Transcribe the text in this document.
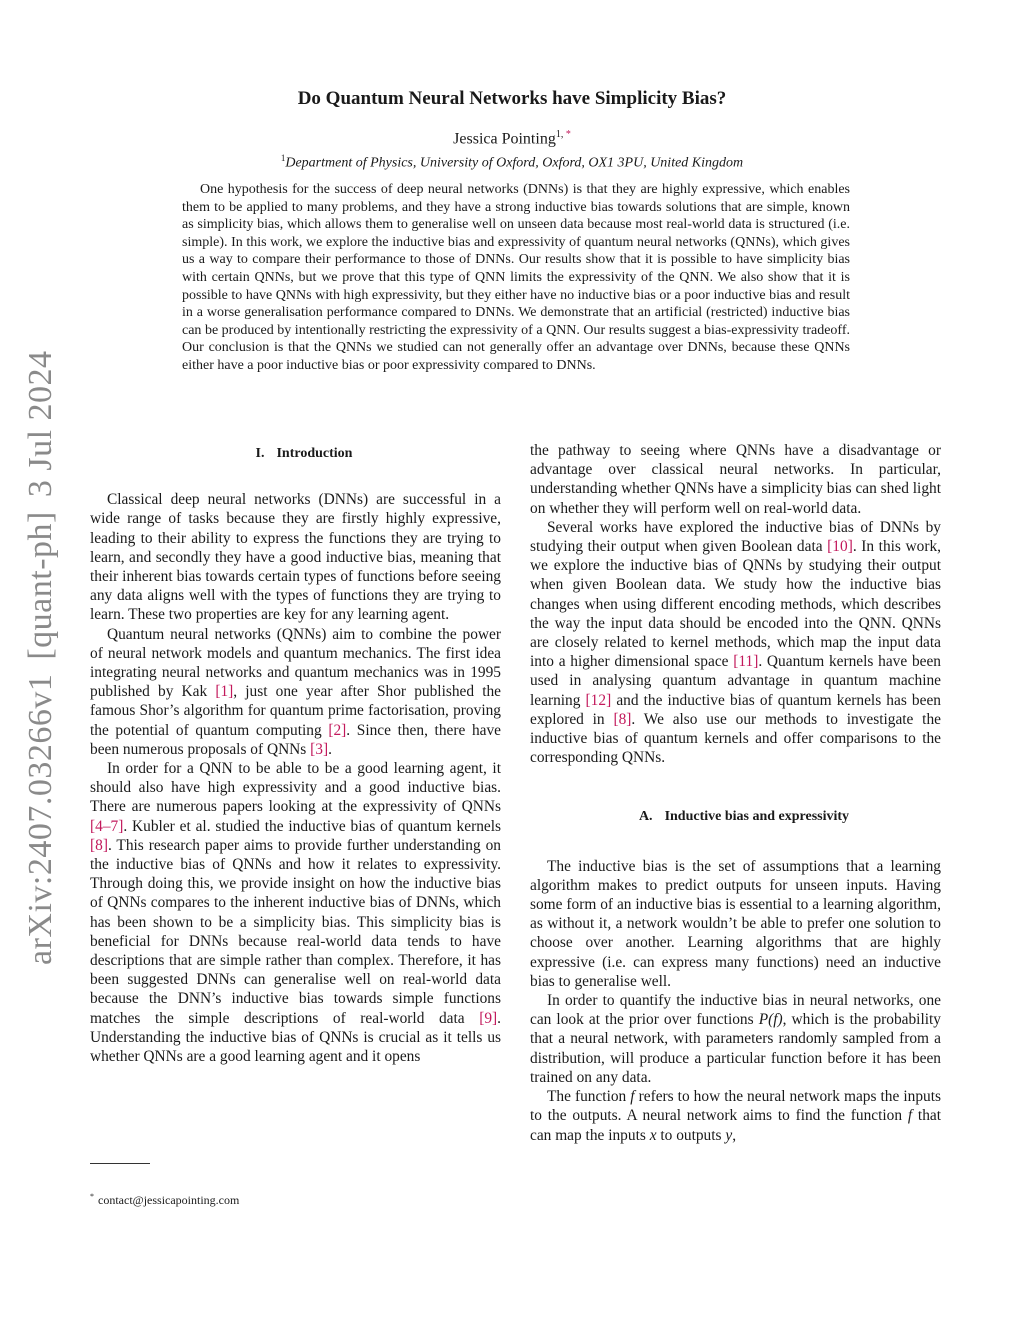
arXiv:2407.03266v1[quant-ph]3 Jul 2024
Do Quantum Neural Networks have Simplicity Bias?
Jessica Pointing$^{1, *}$
$^1$Department of Physics, University of Oxford, Oxford, OX1 3PU, United Kingdom

One hypothesis for the success of deep neural networks (DNNs) is that they are highly expressive, which enables them to be applied to many problems, and they have a strong inductive bias towards solutions that are simple, known as simplicity bias, which allows them to generalise well on unseen data because most real-world data is structured (i.e. simple). In this work, we explore the inductive bias and expressivity of quantum neural networks (QNNs), which gives us a way to compare their performance to those of DNNs. Our results show that it is possible to have simplicity bias with certain QNNs, but we prove that this type of QNN limits the expressivity of the QNN. We also show that it is possible to have QNNs with high expressivity, but they either have no inductive bias or a poor inductive bias and result in a worse generalisation performance compared to DNNs. We demonstrate that an artificial (restricted) inductive bias can be produced by intentionally restricting the expressivity of a QNN. Our results suggest a bias-expressivity tradeoff. Our conclusion is that the QNNs we studied can not generally offer an advantage over DNNs, because these QNNs either have a poor inductive bias or poor expressivity compared to DNNs.

I. Introduction

Classical deep neural networks (DNNs) are successful in a wide range of tasks because they are firstly highly expressive, leading to their ability to express the functions they are trying to learn, and secondly they have a good inductive bias, meaning that their inherent bias towards certain types of functions before seeing any data aligns well with the types of functions they are trying to learn. These two properties are key for any learning agent.

Quantum neural networks (QNNs) aim to combine the power of neural network models and quantum mechanics. The first idea integrating neural networks and quantum mechanics was in 1995 published by Kak [1], just one year after Shor published the famous Shor’s algorithm for quantum prime factorisation, proving the potential of quantum computing [2]. Since then, there have been numerous proposals of QNNs [3].

In order for a QNN to be able to be a good learning agent, it should also have high expressivity and a good inductive bias. There are numerous papers looking at the expressivity of QNNs [4–7]. Kubler et al. studied the inductive bias of quantum kernels [8]. This research paper aims to provide further understanding on the inductive bias of QNNs and how it relates to expressivity. Through doing this, we provide insight on how the inductive bias of QNNs compares to the inherent inductive bias of DNNs, which has been shown to be a simplicity bias. This simplicity bias is beneficial for DNNs because real-world data tends to have descriptions that are simple rather than complex. Therefore, it has been suggested DNNs can generalise well on real-world data because the DNN’s inductive bias towards simple functions matches the simple descriptions of real-world data [9]. Understanding the inductive bias of QNNs is crucial as it tells us whether QNNs are a good learning agent and it opens

the pathway to seeing where QNNs have a disadvantage or advantage over classical neural networks. In particular, understanding whether QNNs have a simplicity bias can shed light on whether they will perform well on real-world data.

Several works have explored the inductive bias of DNNs by studying their output when given Boolean data [10]. In this work, we explore the inductive bias of QNNs by studying their output when given Boolean data. We study how the inductive bias changes when using different encoding methods, which describes the way the input data should be encoded into the QNN. QNNs are closely related to kernel methods, which map the input data into a higher dimensional space [11]. Quantum kernels have been used in analysing quantum advantage in quantum machine learning [12] and the inductive bias of quantum kernels has been explored in [8]. We also use our methods to investigate the inductive bias of quantum kernels and offer comparisons to the corresponding QNNs.

A. Inductive bias and expressivity

The inductive bias is the set of assumptions that a learning algorithm makes to predict outputs for unseen inputs. Having some form of an inductive bias is essential to a learning algorithm, as without it, a network wouldn’t be able to prefer one solution to choose over another. Learning algorithms that are highly expressive (i.e. can express many functions) need an inductive bias to generalise well.

In order to quantify the inductive bias in neural networks, one can look at the prior over functions P(f), which is the probability that a neural network, with parameters randomly sampled from a distribution, will produce a particular function before it has been trained on any data.

The function f refers to how the neural network maps the inputs to the outputs. A neural network aims to find the function f that can map the inputs x to outputs y,

* contact@jessicapointing.com
